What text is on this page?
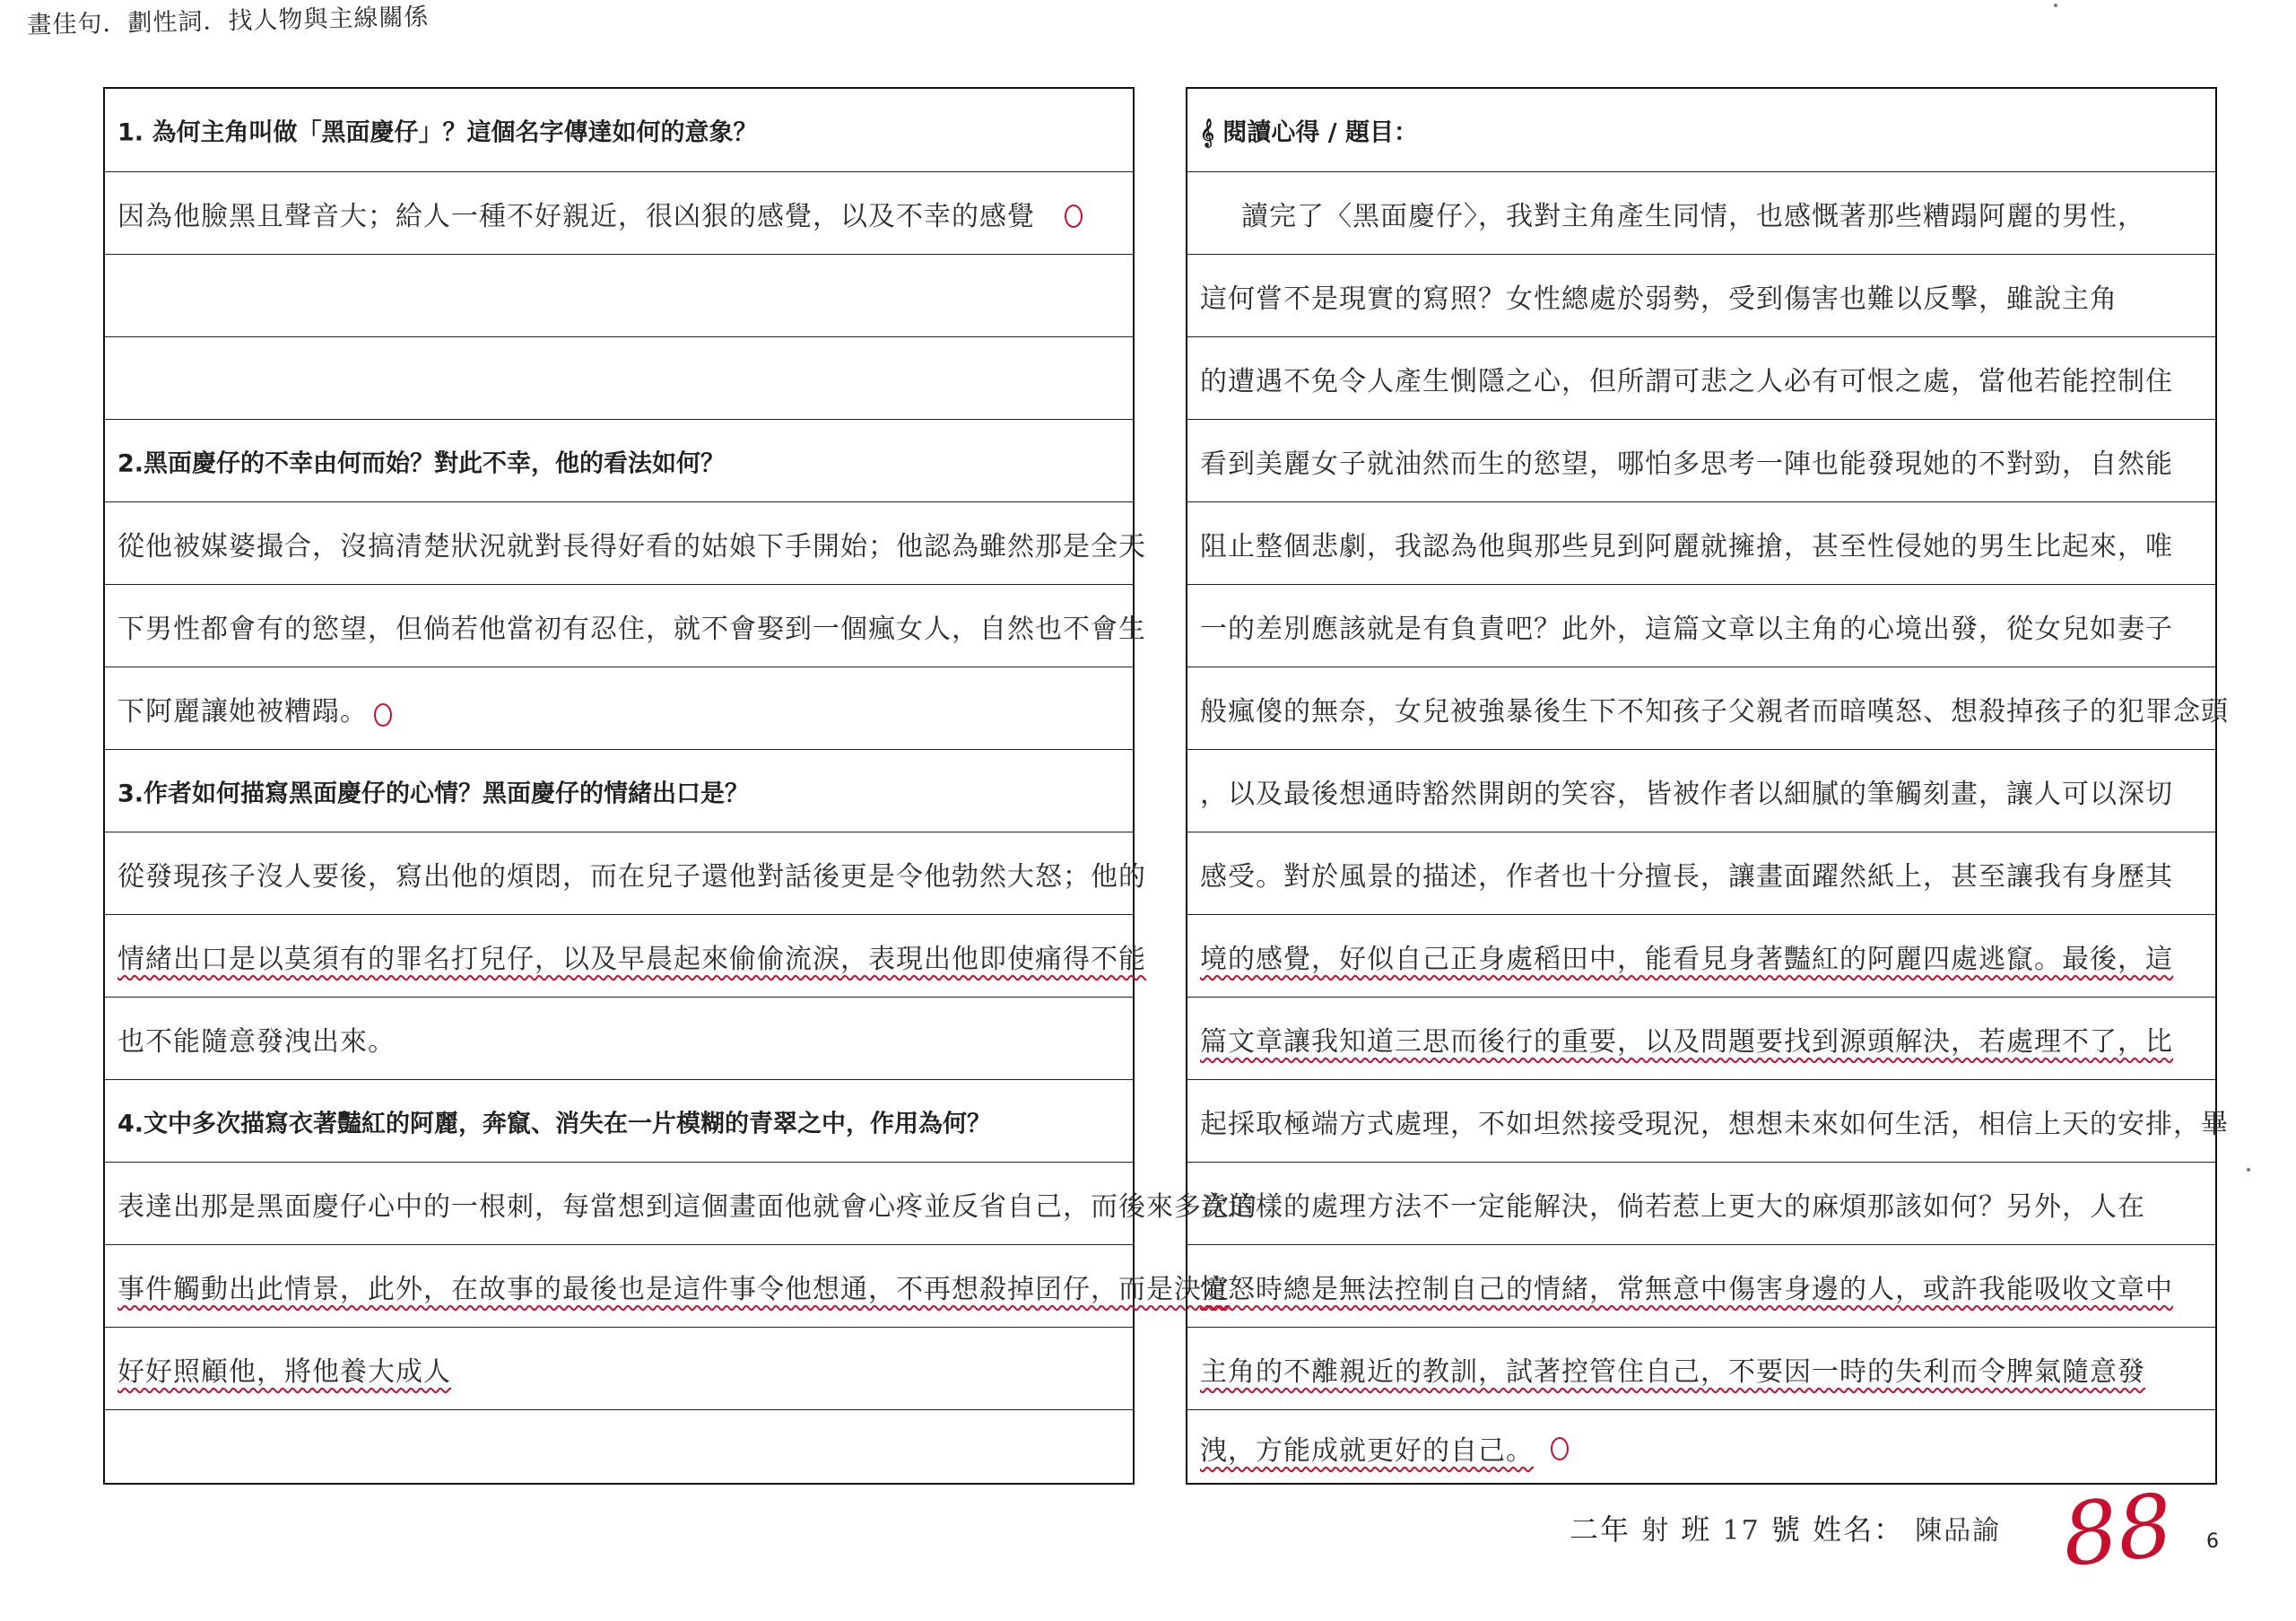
畫佳句．劃性詞．找人物與主線關係
1. 為何主角叫做「黑面慶仔」？這個名字傳達如何的意象？
因為他臉黑且聲音大；給人一種不好親近，很凶狠的感覺，以及不幸的感覺
2.黑面慶仔的不幸由何而始？對此不幸，他的看法如何？
從他被媒婆撮合，沒搞清楚狀況就對長得好看的姑娘下手開始；他認為雖然那是全天
下男性都會有的慾望，但倘若他當初有忍住，就不會娶到一個瘋女人，自然也不會生
下阿麗讓她被糟蹋。
3.作者如何描寫黑面慶仔的心情？黑面慶仔的情緒出口是？
從發現孩子沒人要後，寫出他的煩悶，而在兒子還他對話後更是令他勃然大怒；他的
情緒出口是以莫須有的罪名打兒仔，以及早晨起來偷偷流淚，表現出他即使痛得不能
也不能隨意發洩出來。
4.文中多次描寫衣著豔紅的阿麗，奔竄、消失在一片模糊的青翠之中，作用為何？
表達出那是黑面慶仔心中的一根刺，每當想到這個畫面他就會心疼並反省自己，而後來多次的
事件觸動出此情景，此外，在故事的最後也是這件事令他想通，不再想殺掉囝仔，而是決定
好好照顧他，將他養大成人
𝄞 閱讀心得 / 題目：
讀完了〈黑面慶仔〉，我對主角產生同情，也感慨著那些糟蹋阿麗的男性，
這何嘗不是現實的寫照？女性總處於弱勢，受到傷害也難以反擊，雖說主角
的遭遇不免令人產生惻隱之心，但所謂可悲之人必有可恨之處，當他若能控制住
看到美麗女子就油然而生的慾望，哪怕多思考一陣也能發現她的不對勁，自然能
阻止整個悲劇，我認為他與那些見到阿麗就擁搶，甚至性侵她的男生比起來，唯
一的差別應該就是有負責吧？此外，這篇文章以主角的心境出發，從女兒如妻子
般瘋傻的無奈，女兒被強暴後生下不知孩子父親者而暗嘆怒、想殺掉孩子的犯罪念頭
，以及最後想通時豁然開朗的笑容，皆被作者以細膩的筆觸刻畫，讓人可以深切
感受。對於風景的描述，作者也十分擅長，讓畫面躍然紙上，甚至讓我有身歷其
境的感覺，好似自己正身處稻田中，能看見身著豔紅的阿麗四處逃竄。最後，這
篇文章讓我知道三思而後行的重要，以及問題要找到源頭解決，若處理不了，比
起採取極端方式處理，不如坦然接受現況，想想未來如何生活，相信上天的安排，畢
竟這樣的處理方法不一定能解決，倘若惹上更大的麻煩那該如何？另外，人在
憤怒時總是無法控制自己的情緒，常無意中傷害身邊的人，或許我能吸收文章中
主角的不離親近的教訓，試著控管住自己，不要因一時的失利而令脾氣隨意發
洩，方能成就更好的自己。
二年 射 班 17 號 姓名： 陳品諭 88 6
